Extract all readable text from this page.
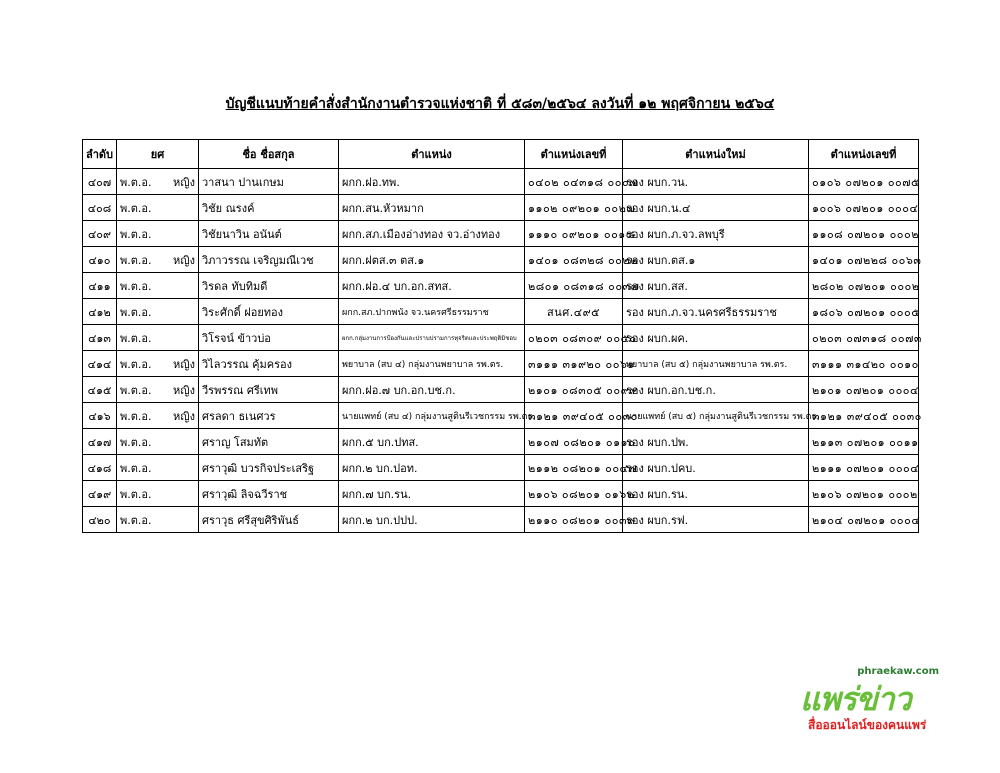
บัญชีแนบท้ายคำสั่งสำนักงานตำรวจแห่งชาติ ที่ ๕๘๓/๒๕๖๔ ลงวันที่ ๑๒ พฤศจิกายน ๒๕๖๔
ลำดับ	ยศ	ชื่อ ชื่อสกุล	ตำแหน่ง	ตำแหน่งเลขที่	ตำแหน่งใหม่	ตำแหน่งเลขที่
๔๐๗	พ.ต.อ. หญิง	วาสนา ปานเกษม	ผกก.ฝอ.ทพ.	๐๔๐๒ ๐๔๓๑๘ ๐๐๐๗	รอง ผบก.วน.	๐๑๐๖ ๐๗๒๐๑ ๐๐๗๕
๔๐๘	พ.ต.อ.	วิชัย ณรงค์	ผกก.สน.หัวหมาก	๑๑๐๒ ๐๙๒๐๑ ๐๐๒๗	รอง ผบก.น.๔	๑๐๐๖ ๐๗๒๐๑ ๐๐๐๔
๔๐๙	พ.ต.อ.	วิชัยนาวิน อนันต์	ผกก.สภ.เมืองอ่างทอง จว.อ่างทอง	๑๑๑๐ ๐๙๒๐๑ ๐๐๑๘	รอง ผบก.ภ.จว.ลพบุรี	๑๑๐๘ ๐๗๒๐๑ ๐๐๐๒
๔๑๐	พ.ต.อ. หญิง	วิภาวรรณ เจริญมณีเวช	ผกก.ฝตส.๓ ตส.๑	๑๔๐๑ ๐๘๓๒๘ ๐๐๒๒	รอง ผบก.ตส.๑	๑๔๐๑ ๐๗๒๒๘ ๐๐๖๓
๔๑๑	พ.ต.อ.	วิรดล ทับทิมดี	ผกก.ฝอ.๔ บก.อก.สทส.	๒๘๐๑ ๐๘๓๑๘ ๐๐๓๗	รอง ผบก.สส.	๒๘๐๒ ๐๗๒๐๑ ๐๐๐๒
๔๑๒	พ.ต.อ.	วิระศักดิ์ ฝอยทอง	ผกก.สภ.ปากพนัง จว.นครศรีธรรมราช	สนศ.๔๙๕	รอง ผบก.ภ.จว.นครศรีธรรมราช	๑๘๐๖ ๐๗๒๐๑ ๐๐๐๕
๔๑๓	พ.ต.อ.	วิโรจน์ ข้าวบ่อ	ผกก.กลุ่มงานการป้องกันและปราบปรามการทุจริตและประพฤติมิชอบ	๐๒๐๓ ๐๘๓๐๙ ๐๐๕๐	รอง ผบก.ผค.	๐๒๐๓ ๐๗๓๑๘ ๐๐๗๓
๔๑๔	พ.ต.อ. หญิง	วิไลวรรณ คุ้มครอง	พยาบาล (สบ ๔) กลุ่มงานพยาบาล รพ.ตร.	๓๑๑๑ ๓๑๙๒๐ ๐๐๖๑	พยาบาล (สบ ๕) กลุ่มงานพยาบาล รพ.ตร.	๓๑๑๑ ๓๑๔๒๐ ๐๐๑๐
๔๑๕	พ.ต.อ. หญิง	วีรพรรณ ศรีเทพ	ผกก.ฝอ.๗ บก.อก.บช.ก.	๒๑๐๑ ๐๘๓๐๕ ๐๐๙๙	รอง ผบก.อก.บช.ก.	๒๑๐๑ ๐๗๒๐๑ ๐๐๐๔
๔๑๖	พ.ต.อ. หญิง	ศรลดา ธเนศวร	นายแพทย์ (สบ ๔) กลุ่มงานสูตินรีเวชกรรม รพ.ตร.	๓๑๒๑ ๓๙๔๐๕ ๐๐๓๐	นายแพทย์ (สบ ๕) กลุ่มงานสูตินรีเวชกรรม รพ.ตร.	๓๑๒๑ ๓๙๔๐๕ ๐๐๓๐
๔๑๗	พ.ต.อ.	ศราญ โสมทัต	ผกก.๕ บก.ปทส.	๒๑๐๗ ๐๘๒๐๑ ๐๑๑๐	รอง ผบก.ปพ.	๒๑๑๓ ๐๗๒๐๑ ๐๐๑๑
๔๑๘	พ.ต.อ.	ศราวุฒิ บวรกิจประเสริฐ	ผกก.๒ บก.ปอท.	๒๑๑๒ ๐๘๒๐๑ ๐๐๔๗	รอง ผบก.ปคบ.	๒๑๑๑ ๐๗๒๐๑ ๐๐๐๔
๔๑๙	พ.ต.อ.	ศราวุฒิ ลิจฉวีราช	ผกก.๗ บก.รน.	๒๑๐๖ ๐๘๒๐๑ ๐๑๖๒	รอง ผบก.รน.	๒๑๐๖ ๐๗๒๐๑ ๐๐๐๒
๔๒๐	พ.ต.อ.	ศราวุธ ศรีสุขศิริพันธ์	ผกก.๒ บก.ปปป.	๒๑๑๐ ๐๘๒๐๑ ๐๐๓๙	รอง ผบก.รฟ.	๒๑๐๔ ๐๗๒๐๑ ๐๐๐๔
phraekaw.com
แพร่ข่าว
สื่อออนไลน์ของคนแพร่
